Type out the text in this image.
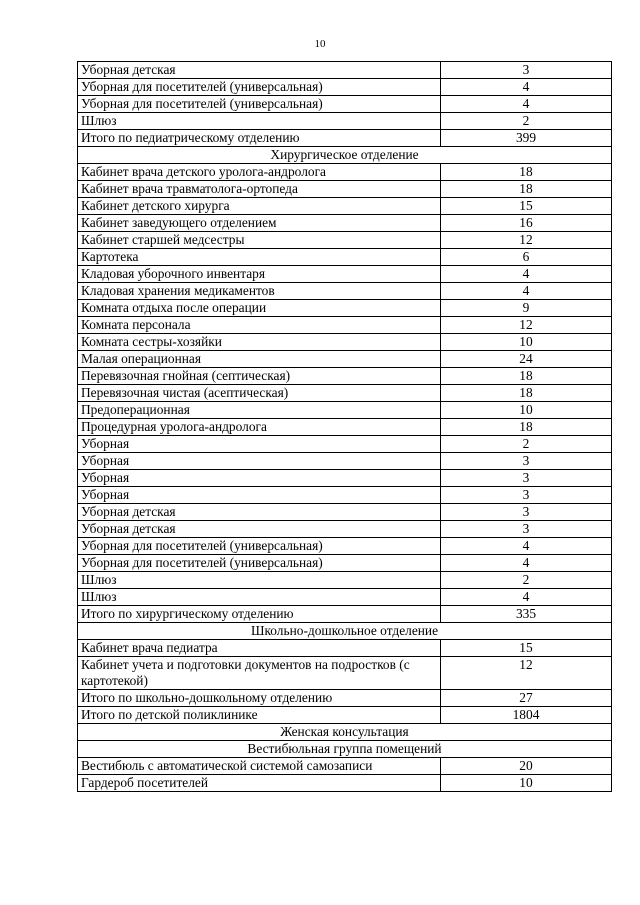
10
Уборная детская	3
Уборная для посетителей (универсальная)	4
Уборная для посетителей (универсальная)	4
Шлюз	2
Итого по педиатрическому отделению	399
Хирургическое отделение	
Кабинет врача детского уролога-андролога	18
Кабинет врача травматолога-ортопеда	18
Кабинет детского хирурга	15
Кабинет заведующего отделением	16
Кабинет старшей медсестры	12
Картотека	6
Кладовая уборочного инвентаря	4
Кладовая хранения медикаментов	4
Комната отдыха после операции	9
Комната персонала	12
Комната сестры-хозяйки	10
Малая операционная	24
Перевязочная гнойная (септическая)	18
Перевязочная чистая (асептическая)	18
Предоперационная	10
Процедурная уролога-андролога	18
Уборная	2
Уборная	3
Уборная	3
Уборная	3
Уборная детская	3
Уборная детская	3
Уборная для посетителей (универсальная)	4
Уборная для посетителей (универсальная)	4
Шлюз	2
Шлюз	4
Итого по хирургическому отделению	335
Школьно-дошкольное отделение	
Кабинет врача педиатра	15
Кабинет учета и подготовки документов на подростков (с картотекой)	12
Итого по школьно-дошкольному отделению	27
Итого по детской поликлинике	1804
Женская консультация	
Вестибюльная группа помещений	
Вестибюль с автоматической системой самозаписи	20
Гардероб посетителей	10
